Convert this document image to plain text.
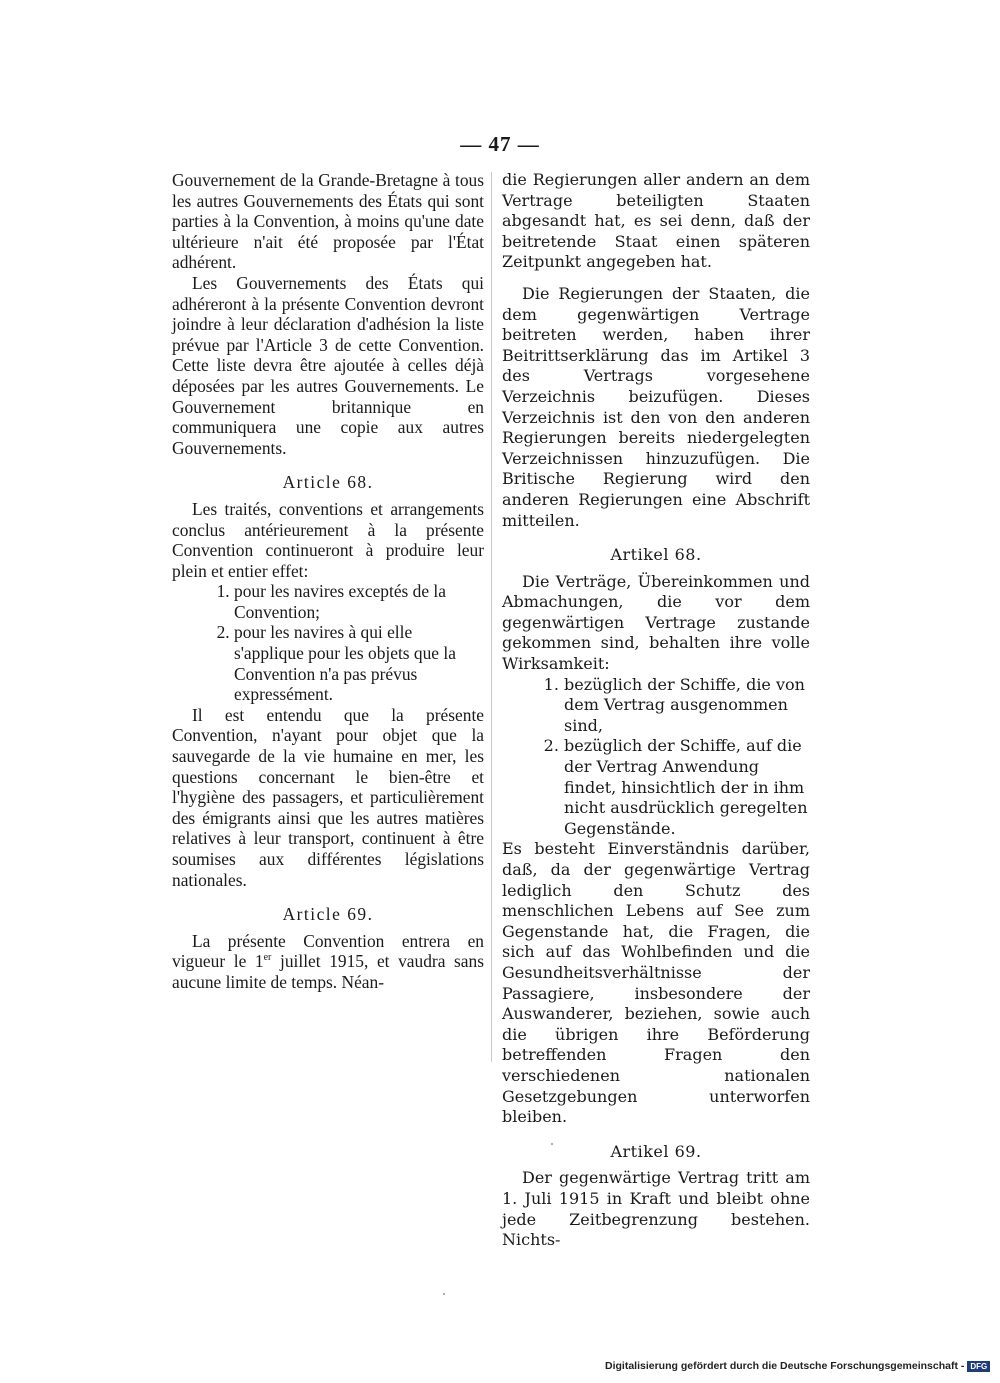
— 47 —

Gouvernement de la Grande-Bretagne à tous les autres Gouvernements des États qui sont parties à la Convention, à moins qu'une date ultérieure n'ait été proposée par l'État adhérent.

Les Gouvernements des États qui adhéreront à la présente Convention devront joindre à leur déclaration d'adhésion la liste prévue par l'Article 3 de cette Convention. Cette liste devra être ajoutée à celles déjà déposées par les autres Gouvernements. Le Gouvernement britannique en communiquera une copie aux autres Gouvernements.

Article 68.

Les traités, conventions et arrangements conclus antérieurement à la présente Convention continueront à produire leur plein et entier effet:

1. pour les navires exceptés de la Convention;
2. pour les navires à qui elle s'applique pour les objets que la Convention n'a pas prévus expressément.

Il est entendu que la présente Convention, n'ayant pour objet que la sauvegarde de la vie humaine en mer, les questions concernant le bien-être et l'hygiène des passagers, et particulièrement des émigrants ainsi que les autres matières relatives à leur transport, continuent à être soumises aux différentes législations nationales.

Article 69.

La présente Convention entrera en vigueur le 1er juillet 1915, et vaudra sans aucune limite de temps. Néan-

die Regierungen aller andern an dem Vertrage beteiligten Staaten abgesandt hat, es sei denn, daß der beitretende Staat einen späteren Zeitpunkt angegeben hat.

Die Regierungen der Staaten, die dem gegenwärtigen Vertrage beitreten werden, haben ihrer Beitrittserklärung das im Artikel 3 des Vertrags vorgesehene Verzeichnis beizufügen. Dieses Verzeichnis ist den von den anderen Regierungen bereits niedergelegten Verzeichnissen hinzuzufügen. Die Britische Regierung wird den anderen Regierungen eine Abschrift mitteilen.

Artikel 68.

Die Verträge, Übereinkommen und Abmachungen, die vor dem gegenwärtigen Vertrage zustande gekommen sind, behalten ihre volle Wirksamkeit:

1. bezüglich der Schiffe, die von dem Vertrag ausgenommen sind,
2. bezüglich der Schiffe, auf die der Vertrag Anwendung findet, hinsichtlich der in ihm nicht ausdrücklich geregelten Gegenstände.

Es besteht Einverständnis darüber, daß, da der gegenwärtige Vertrag lediglich den Schutz des menschlichen Lebens auf See zum Gegenstande hat, die Fragen, die sich auf das Wohlbefinden und die Gesundheitsverhältnisse der Passagiere, insbesondere der Auswanderer, beziehen, sowie auch die übrigen ihre Beförderung betreffenden Fragen den verschiedenen nationalen Gesetzgebungen unterworfen bleiben.

Artikel 69.

Der gegenwärtige Vertrag tritt am 1. Juli 1915 in Kraft und bleibt ohne jede Zeitbegrenzung bestehen. Nichts-

Digitalisierung gefördert durch die Deutsche Forschungsgemeinschaft - DFG
